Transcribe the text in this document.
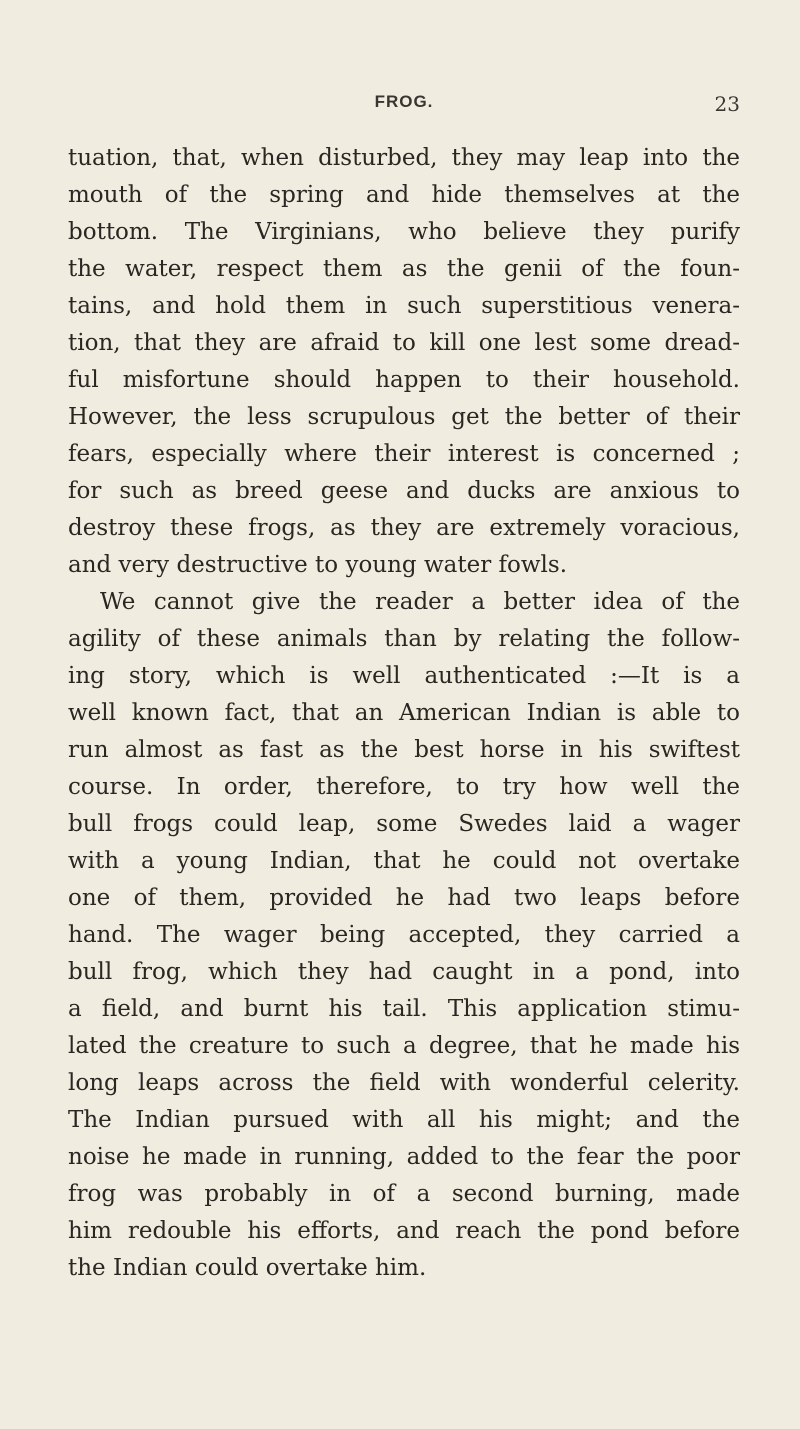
FROG.	23
tuation, that, when disturbed, they may leap into the
mouth of the spring and hide themselves at the
bottom. The Virginians, who believe they purify
the water, respect them as the genii of the foun-
tains, and hold them in such superstitious venera-
tion, that they are afraid to kill one lest some dread-
ful misfortune should happen to their household.
However, the less scrupulous get the better of their
fears, especially where their interest is concerned ;
for such as breed geese and ducks are anxious to
destroy these frogs, as they are extremely voracious,
and very destructive to young water fowls.
We cannot give the reader a better idea of the
agility of these animals than by relating the follow-
ing story, which is well authenticated :—It is a
well known fact, that an American Indian is able to
run almost as fast as the best horse in his swiftest
course. In order, therefore, to try how well the
bull frogs could leap, some Swedes laid a wager
with a young Indian, that he could not overtake
one of them, provided he had two leaps before
hand. The wager being accepted, they carried a
bull frog, which they had caught in a pond, into
a field, and burnt his tail. This application stimu-
lated the creature to such a degree, that he made his
long leaps across the field with wonderful celerity.
The Indian pursued with all his might; and the
noise he made in running, added to the fear the poor
frog was probably in of a second burning, made
him redouble his efforts, and reach the pond before
the Indian could overtake him.
